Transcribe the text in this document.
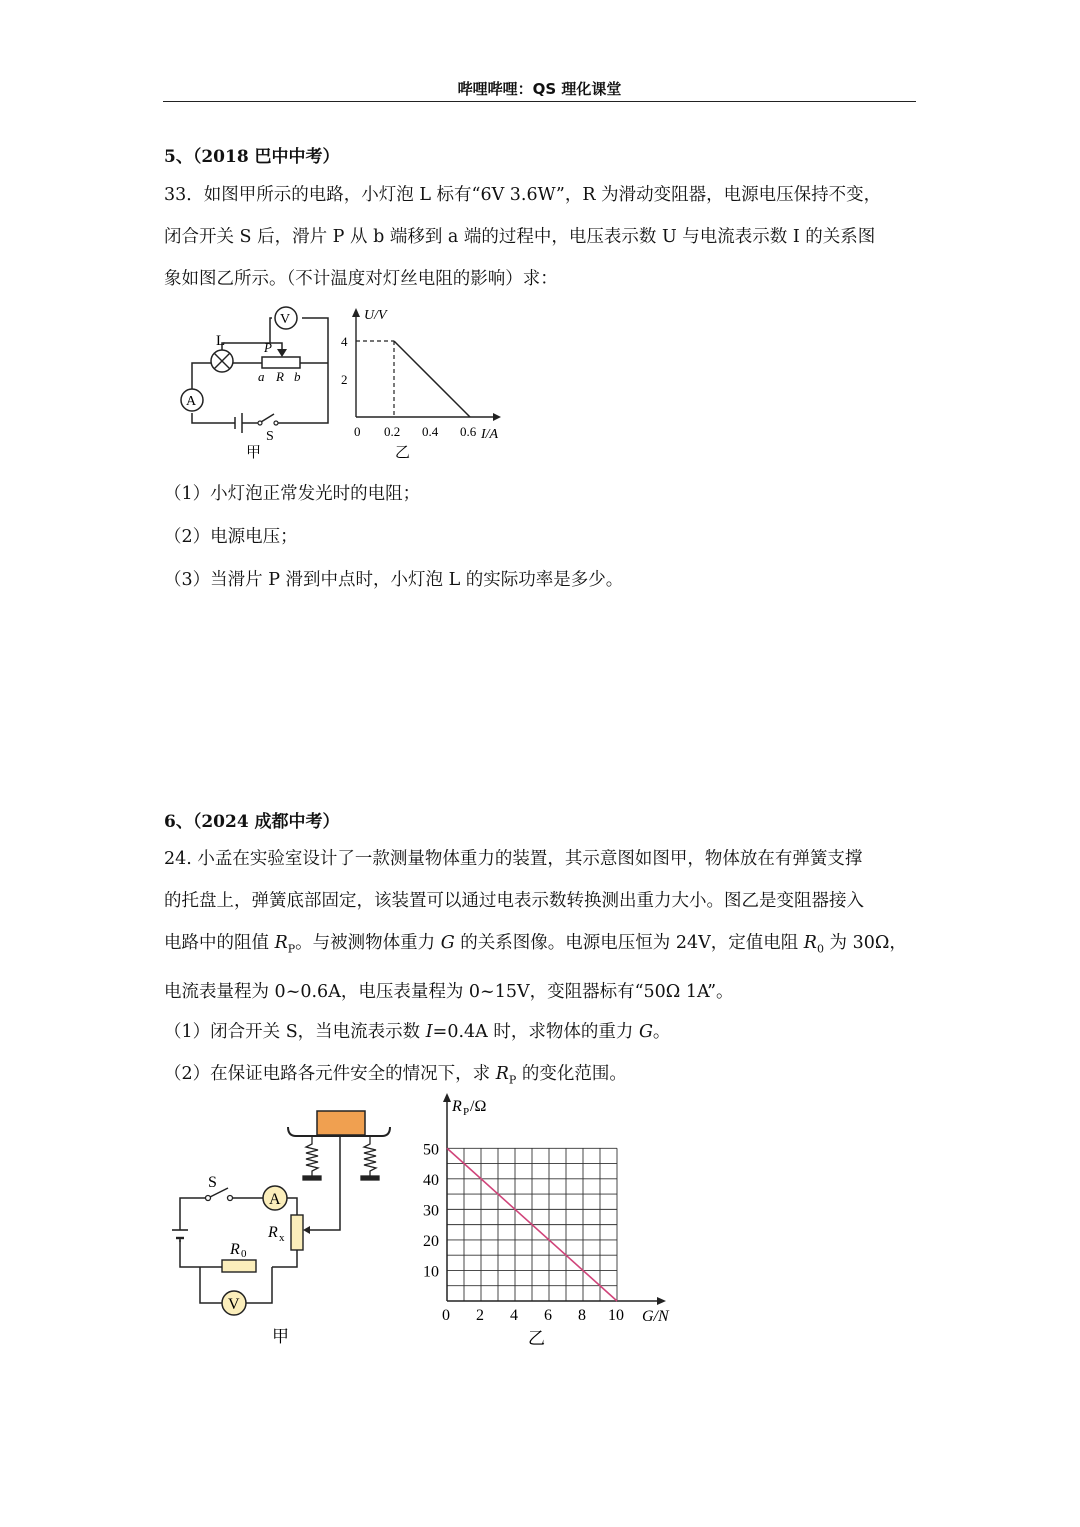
哔哩哔哩：QS 理化课堂
5、（2018 巴中中考）
33．如图甲所示的电路，小灯泡 L 标有“6V 3.6W”，R 为滑动变阻器，电源电压保持不变，
闭合开关 S 后，滑片 P 从 b 端移到 a 端的过程中，电压表示数 U 与电流表示数 I 的关系图
象如图乙所示。（不计温度对灯丝电阻的影响）求：
L
V
P
a R b
A
S
甲
U/V
I/A
0 0.2 0.4 0.6
4
2
乙
（1）小灯泡正常发光时的电阻；
（2）电源电压；
（3）当滑片 P 滑到中点时，小灯泡 L 的实际功率是多少。
6、（2024 成都中考）
24. 小孟在实验室设计了一款测量物体重力的装置，其示意图如图甲，物体放在有弹簧支撑
的托盘上，弹簧底部固定，该装置可以通过电表示数转换测出重力大小。图乙是变阻器接入
电路中的阻值 $R_P$。与被测物体重力 G 的关系图像。电源电压恒为 24V，定值电阻 $R_0$ 为 30Ω，
电流表量程为 0~0.6A，电压表量程为 0~15V，变阻器标有“50Ω 1A”。
（1）闭合开关 S，当电流表示数 I=0.4A 时，求物体的重力 G。
（2）在保证电路各元件安全的情况下，求 $R_P$ 的变化范围。
S
A
R x
R 0
V
甲
0 2 4 6 8 10
50
40
30
20
10
R P /Ω
G/N
乙
